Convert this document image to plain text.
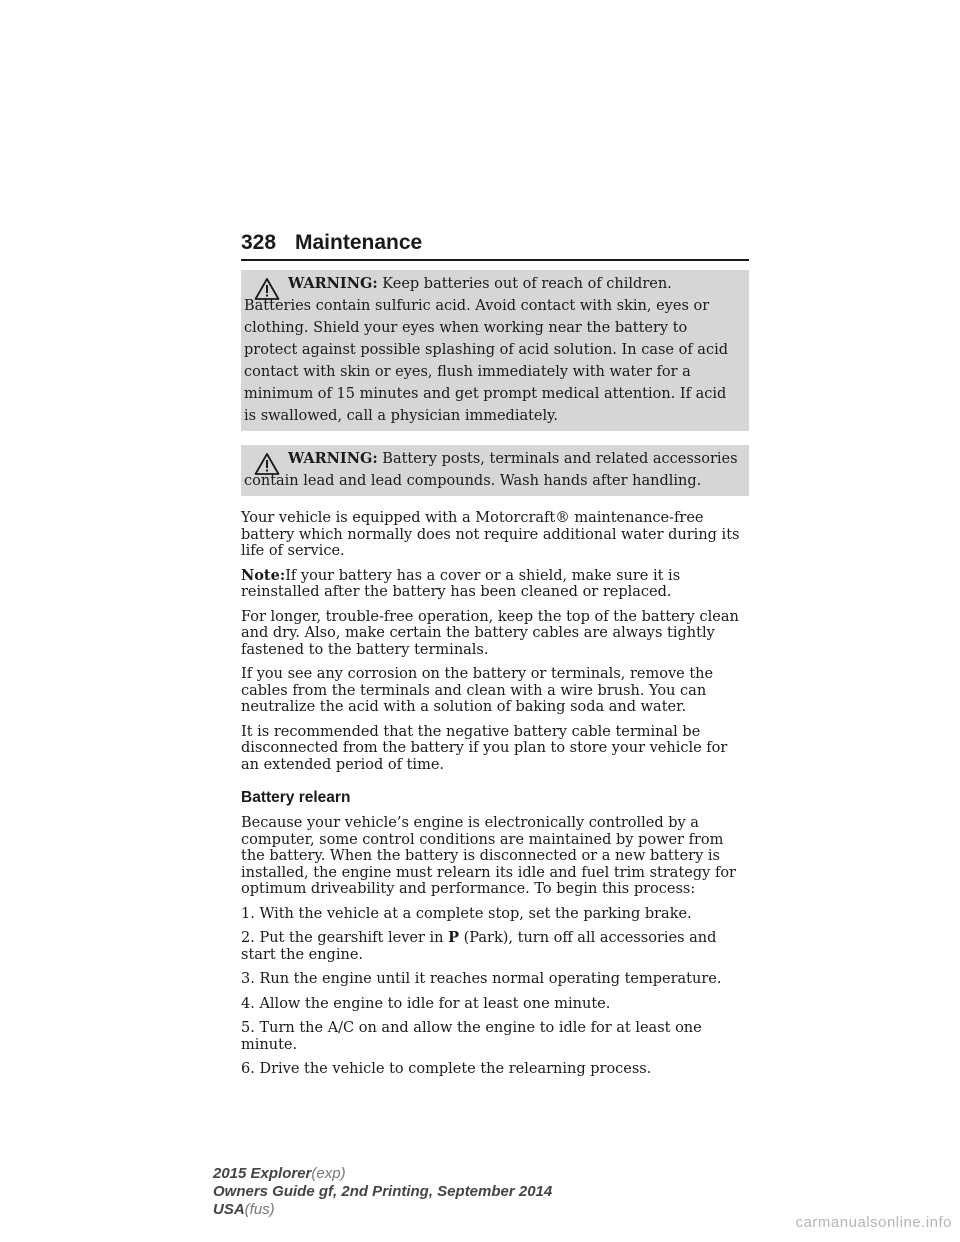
328 Maintenance
WARNING: Keep batteries out of reach of children. Batteries contain sulfuric acid. Avoid contact with skin, eyes or clothing. Shield your eyes when working near the battery to protect against possible splashing of acid solution. In case of acid contact with skin or eyes, flush immediately with water for a minimum of 15 minutes and get prompt medical attention. If acid is swallowed, call a physician immediately.
WARNING: Battery posts, terminals and related accessories contain lead and lead compounds. Wash hands after handling.

Your vehicle is equipped with a Motorcraft® maintenance-free battery which normally does not require additional water during its life of service.

Note:If your battery has a cover or a shield, make sure it is reinstalled after the battery has been cleaned or replaced.

For longer, trouble-free operation, keep the top of the battery clean and dry. Also, make certain the battery cables are always tightly fastened to the battery terminals.

If you see any corrosion on the battery or terminals, remove the cables from the terminals and clean with a wire brush. You can neutralize the acid with a solution of baking soda and water.

It is recommended that the negative battery cable terminal be disconnected from the battery if you plan to store your vehicle for an extended period of time.

Battery relearn

Because your vehicle’s engine is electronically controlled by a computer, some control conditions are maintained by power from the battery. When the battery is disconnected or a new battery is installed, the engine must relearn its idle and fuel trim strategy for optimum driveability and performance. To begin this process:

1. With the vehicle at a complete stop, set the parking brake.

2. Put the gearshift lever in P (Park), turn off all accessories and start the engine.

3. Run the engine until it reaches normal operating temperature.

4. Allow the engine to idle for at least one minute.

5. Turn the A/C on and allow the engine to idle for at least one minute.

6. Drive the vehicle to complete the relearning process.

2015 Explorer(exp)
Owners Guide gf, 2nd Printing, September 2014
USA(fus)
carmanualsonline.info
